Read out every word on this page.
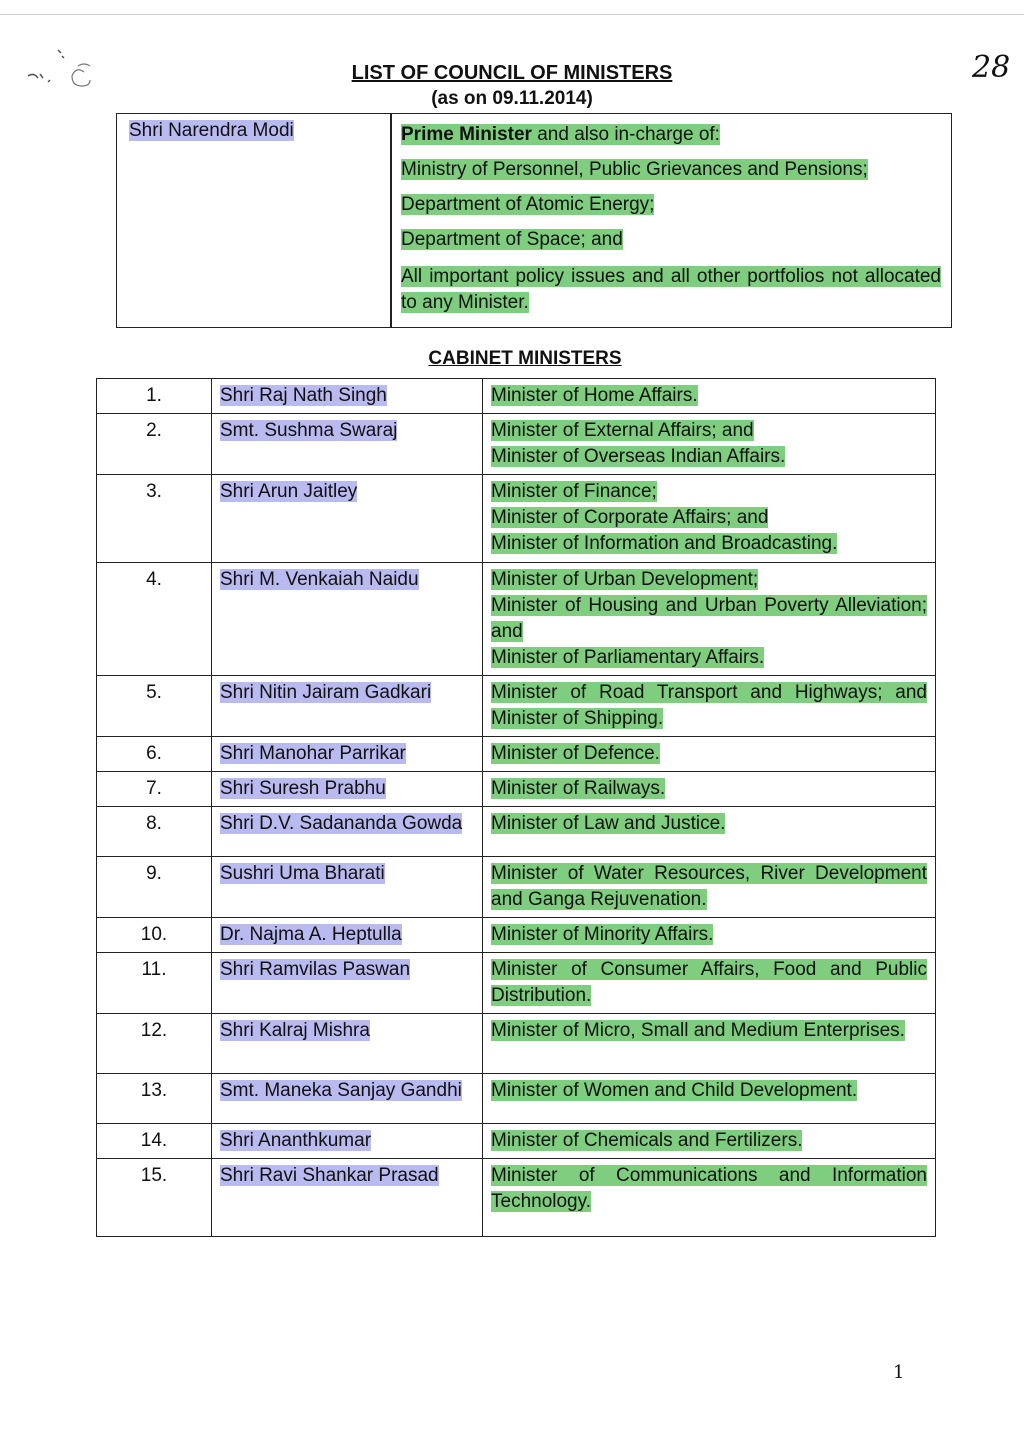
28
LIST OF COUNCIL OF MINISTERS
(as on 09.11.2014)
Shri Narendra Modi	Prime Minister and also in-charge of:
Ministry of Personnel, Public Grievances and Pensions;
Department of Atomic Energy;
Department of Space; and
All important policy issues and all other portfolios not allocated to any Minister.
CABINET MINISTERS
1.	Shri Raj Nath Singh	Minister of Home Affairs.

2.	Smt. Sushma Swaraj	Minister of External Affairs; and
Minister of Overseas Indian Affairs.

3.	Shri Arun Jaitley	Minister of Finance;
Minister of Corporate Affairs; and
Minister of Information and Broadcasting.

4.	Shri M. Venkaiah Naidu	Minister of Urban Development;
Minister of Housing and Urban Poverty Alleviation; and
Minister of Parliamentary Affairs.

5.	Shri Nitin Jairam Gadkari	Minister of Road Transport and Highways; and Minister of Shipping.

6.	Shri Manohar Parrikar	Minister of Defence.

7.	Shri Suresh Prabhu	Minister of Railways.

8.	Shri D.V. Sadananda Gowda	Minister of Law and Justice.

9.	Sushri Uma Bharati	Minister of Water Resources, River Development and Ganga Rejuvenation.

10.	Dr. Najma A. Heptulla	Minister of Minority Affairs.

11.	Shri Ramvilas Paswan	Minister of Consumer Affairs, Food and Public Distribution.

12.	Shri Kalraj Mishra	Minister of Micro, Small and Medium Enterprises.

13.	Smt. Maneka Sanjay Gandhi	Minister of Women and Child Development.

14.	Shri Ananthkumar	Minister of Chemicals and Fertilizers.

15.	Shri Ravi Shankar Prasad	Minister of Communications and Information Technology.
1
